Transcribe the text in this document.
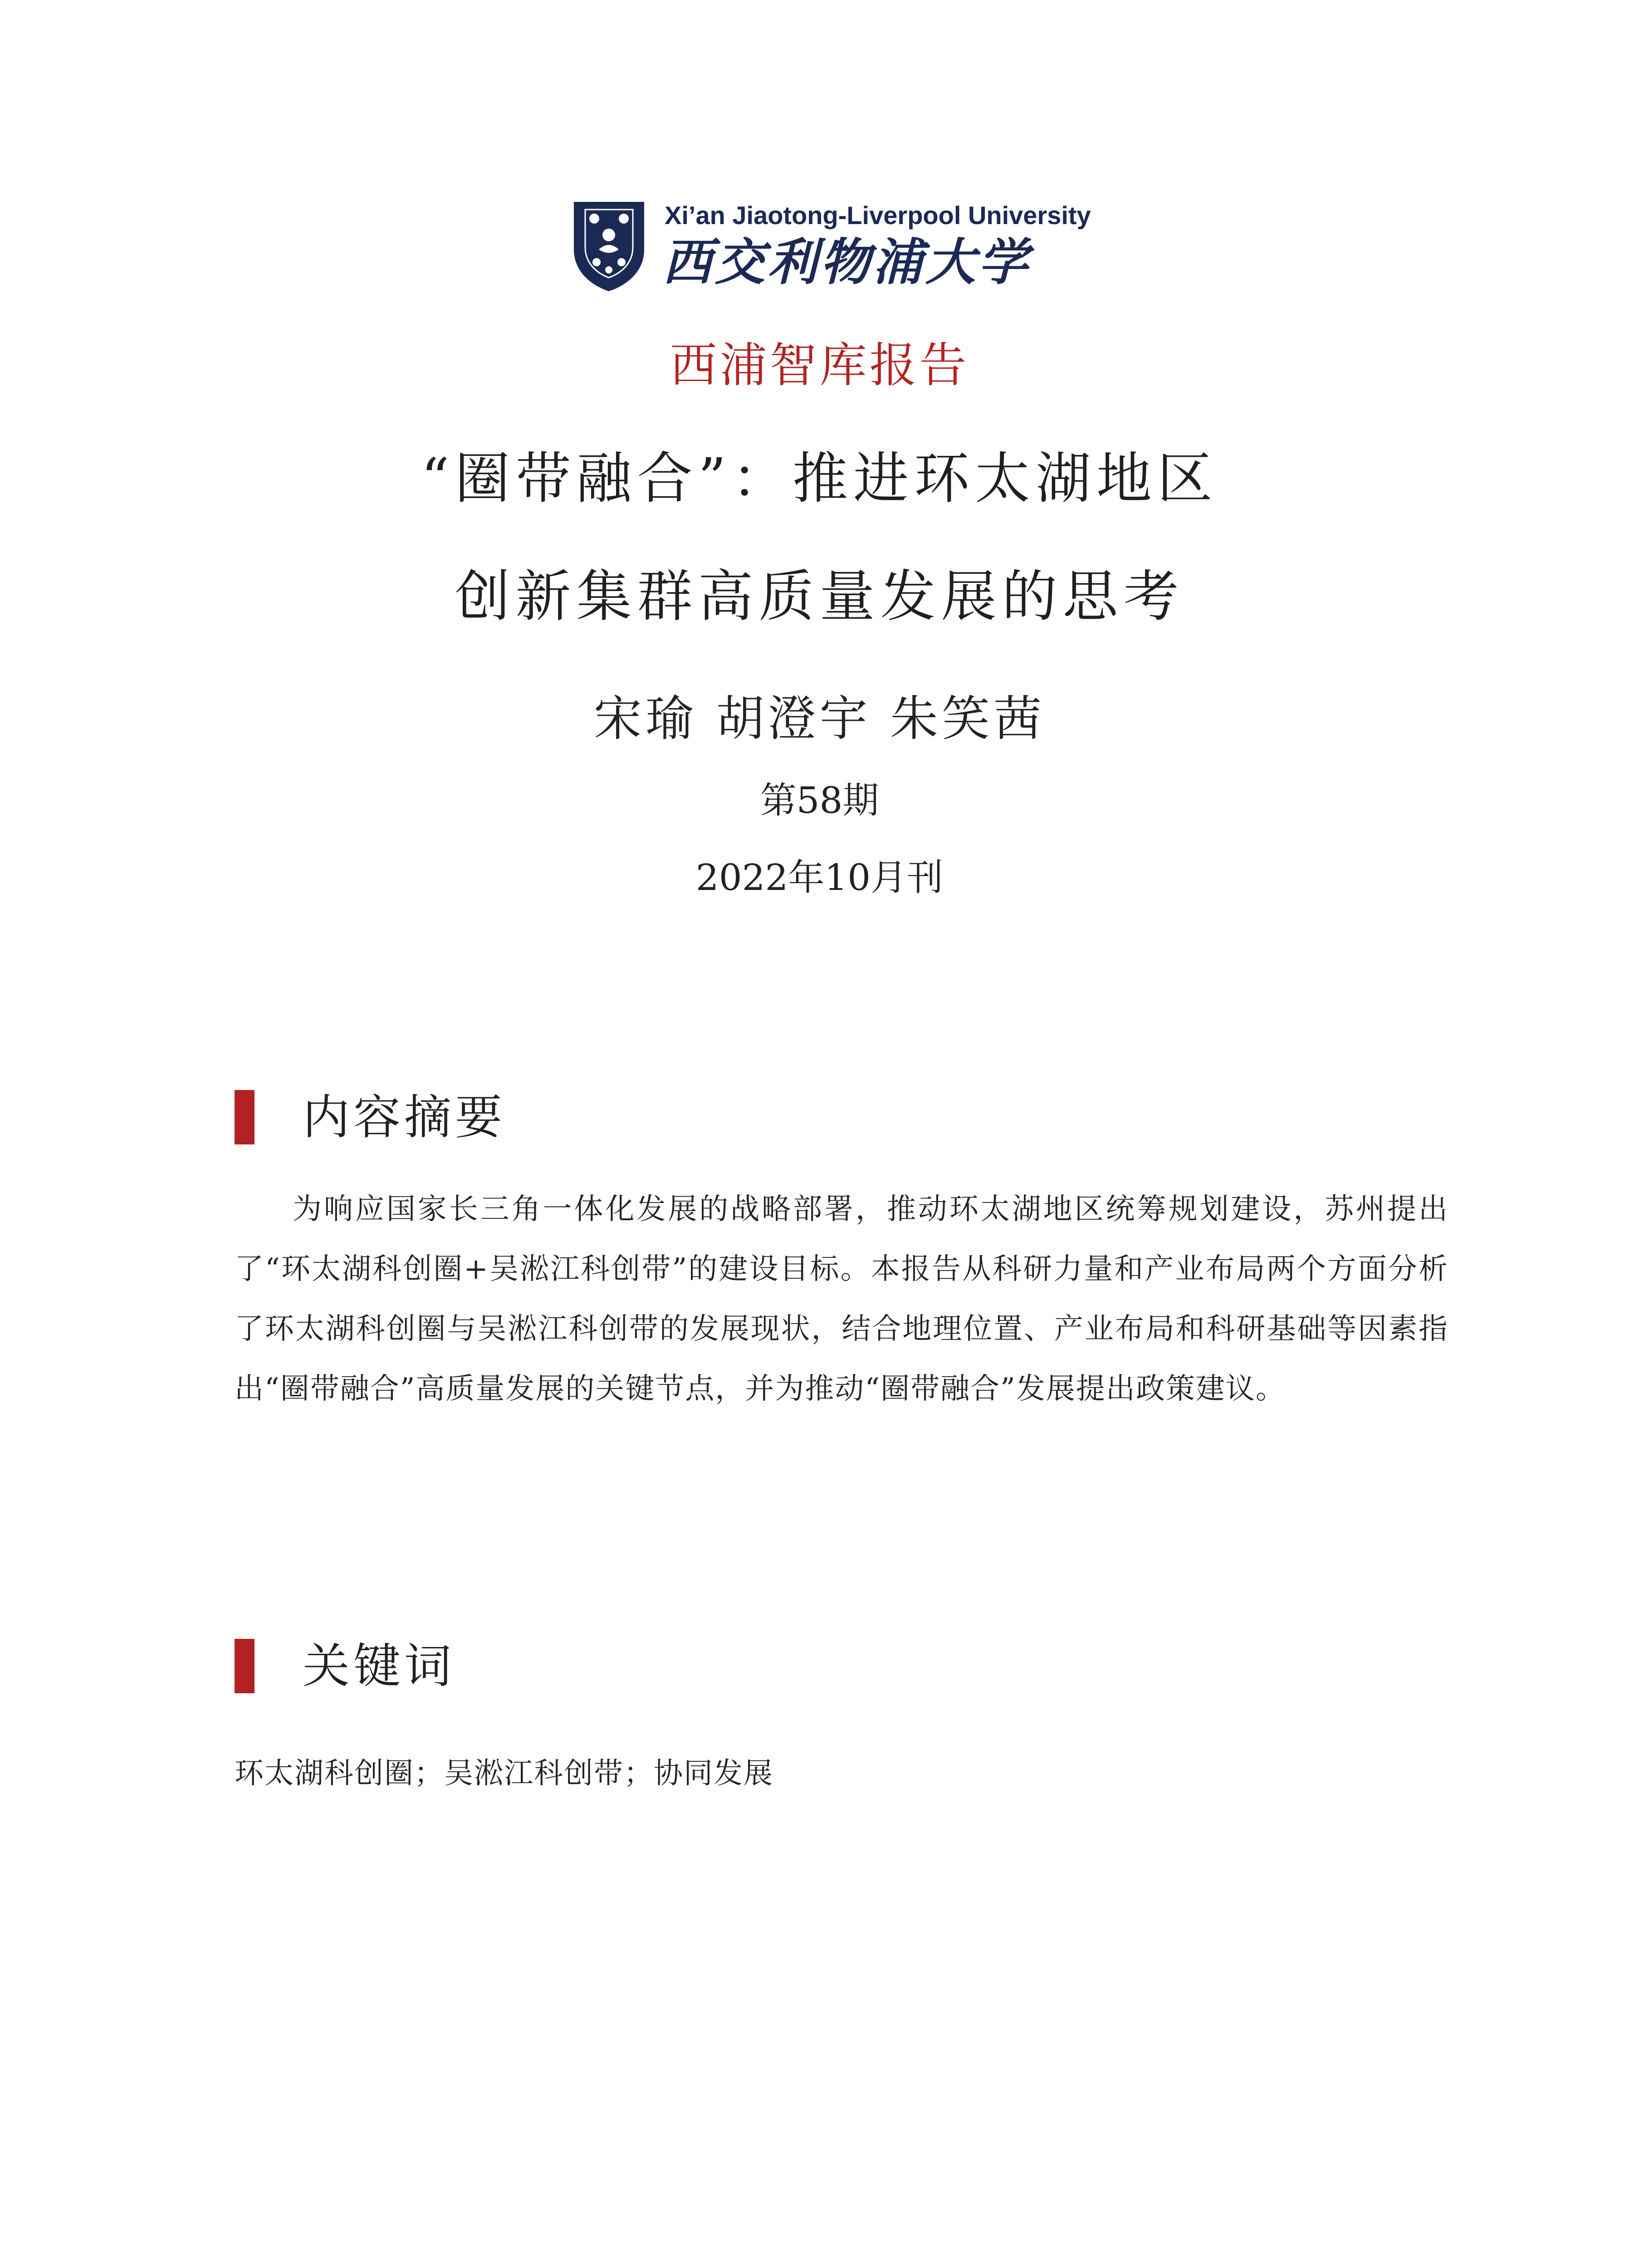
Xi’an Jiaotong-Liverpool University
西交利物浦大学
西浦智库报告
“圈带融合”：推进环太湖地区
创新集群高质量发展的思考
宋瑜 胡澄宇 朱笑茜
第58期
2022年10月刊
内容摘要

为响应国家长三角一体化发展的战略部署，推动环太湖地区统筹规划建设，苏州提出了“环太湖科创圈+吴淞江科创带”的建设目标。本报告从科研力量和产业布局两个方面分析了环太湖科创圈与吴淞江科创带的发展现状，结合地理位置、产业布局和科研基础等因素指出“圈带融合”高质量发展的关键节点，并为推动“圈带融合”发展提出政策建议。

关键词
环太湖科创圈；吴淞江科创带；协同发展
